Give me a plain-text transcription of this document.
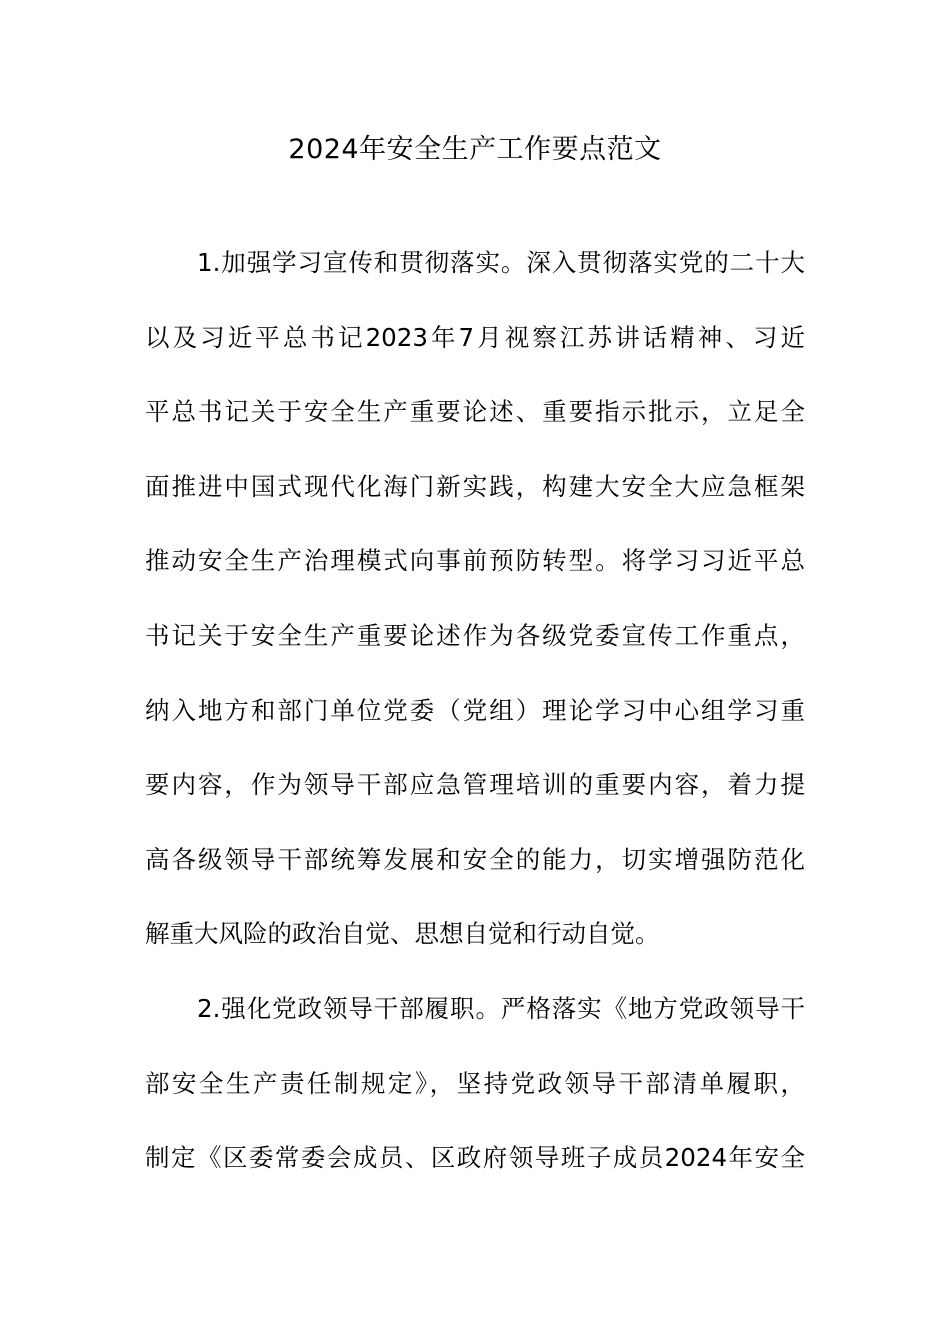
2024年安全生产工作要点范文
1.加强学习宣传和贯彻落实。深入贯彻落实党的二十大
以及习近平总书记2023年7月视察江苏讲话精神、习近
平总书记关于安全生产重要论述、重要指示批示，立足全
面推进中国式现代化海门新实践，构建大安全大应急框架
推动安全生产治理模式向事前预防转型。将学习习近平总
书记关于安全生产重要论述作为各级党委宣传工作重点，
纳入地方和部门单位党委（党组）理论学习中心组学习重
要内容，作为领导干部应急管理培训的重要内容，着力提
高各级领导干部统筹发展和安全的能力，切实增强防范化
解重大风险的政治自觉、思想自觉和行动自觉。
2.强化党政领导干部履职。严格落实《地方党政领导干
部安全生产责任制规定》，坚持党政领导干部清单履职，
制定《区委常委会成员、区政府领导班子成员2024年安全
